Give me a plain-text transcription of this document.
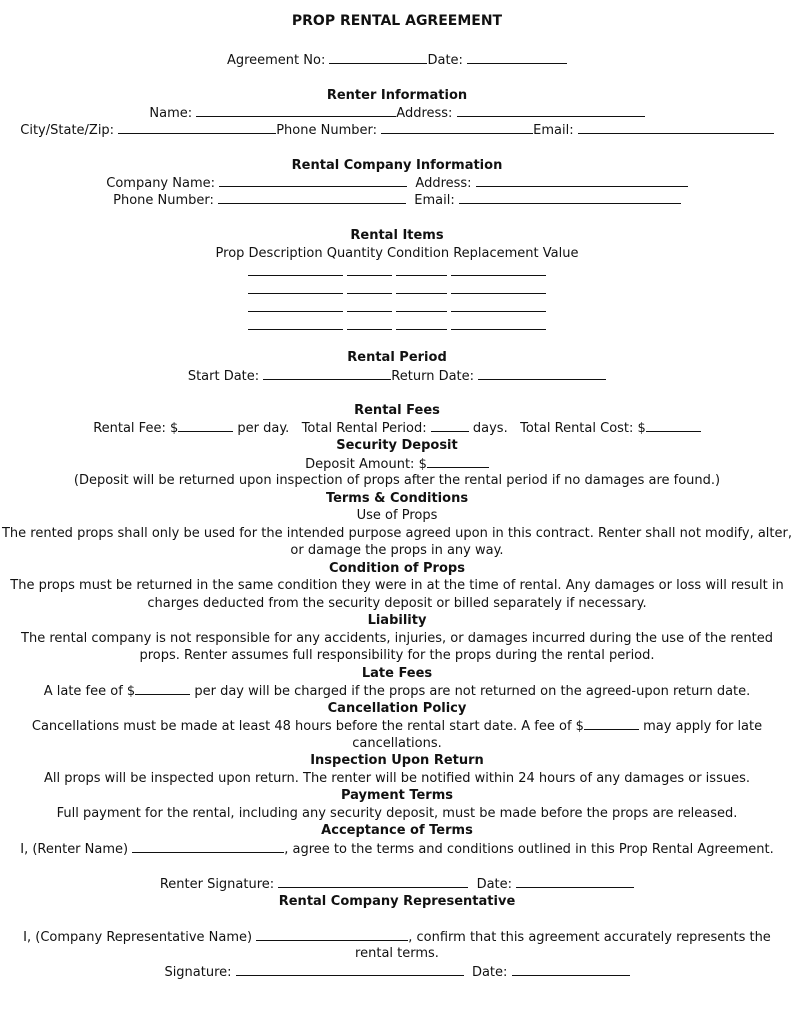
PROP RENTAL AGREEMENT
Agreement No:	Date:
Renter Information
Name:	Address:
City/State/Zip:	Phone Number:	Email:
Rental Company Information
Company Name:	Address:
Phone Number:	Email:
Rental Items
Prop Description Quantity Condition Replacement Value

Rental Period
Start Date:	Return Date:
Rental Fees
Rental Fee: $	per day. Total Rental Period:	days. Total Rental Cost: $
Security Deposit
Deposit Amount: $
(Deposit will be returned upon inspection of props after the rental period if no damages are found.)
Terms & Conditions
Use of Props
The rented props shall only be used for the intended purpose agreed upon in this contract. Renter shall not modify, alter,
or damage the props in any way.
Condition of Props
The props must be returned in the same condition they were in at the time of rental. Any damages or loss will result in
charges deducted from the security deposit or billed separately if necessary.
Liability
The rental company is not responsible for any accidents, injuries, or damages incurred during the use of the rented
props. Renter assumes full responsibility for the props during the rental period.
Late Fees
A late fee of $	per day will be charged if the props are not returned on the agreed-upon return date.
Cancellation Policy
Cancellations must be made at least 48 hours before the rental start date. A fee of $	may apply for late
cancellations.
Inspection Upon Return
All props will be inspected upon return. The renter will be notified within 24 hours of any damages or issues.
Payment Terms
Full payment for the rental, including any security deposit, must be made before the props are released.
Acceptance of Terms
I, (Renter Name)	, agree to the terms and conditions outlined in this Prop Rental Agreement.
Renter Signature:	Date:
Rental Company Representative
I, (Company Representative Name)	, confirm that this agreement accurately represents the
rental terms.
Signature:	Date:
